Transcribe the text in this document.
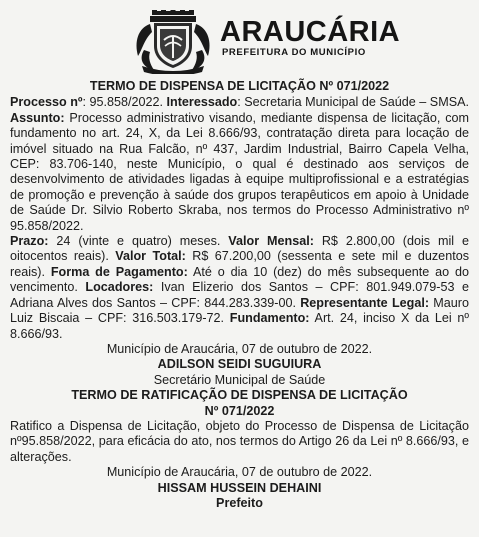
ARAUCÁRIA
PREFEITURA DO MUNICÍPIO
TERMO DE DISPENSA DE LICITAÇÃO Nº 071/2022

Processo nº: 95.858/2022. Interessado: Secretaria Municipal de Saúde – SMSA. Assunto: Processo administrativo visando, mediante dispensa de licitação, com fundamento no art. 24, X, da Lei 8.666/93, contratação direta para locação de imóvel situado na Rua Falcão, nº 437, Jardim Industrial, Bairro Capela Velha, CEP: 83.706-140, neste Município, o qual é destinado aos serviços de desenvolvimento de atividades ligadas à equipe multiprofissional e a estratégias de promoção e prevenção à saúde dos grupos terapêuticos em apoio à Unidade de Saúde Dr. Silvio Roberto Skraba, nos termos do Processo Administrativo nº 95.858/2022.

Prazo: 24 (vinte e quatro) meses. Valor Mensal: R$ 2.800,00 (dois mil e oitocentos reais). Valor Total: R$ 67.200,00 (sessenta e sete mil e duzentos reais). Forma de Pagamento: Até o dia 10 (dez) do mês subsequente ao do vencimento. Locadores: Ivan Elizerio dos Santos – CPF: 801.949.079-53 e Adriana Alves dos Santos – CPF: 844.283.339-00. Representante Legal: Mauro Luiz Biscaia – CPF: 316.503.179-72. Fundamento: Art. 24, inciso X da Lei nº 8.666/93.

Município de Araucária, 07 de outubro de 2022.
ADILSON SEIDI SUGUIURA
Secretário Municipal de Saúde
TERMO DE RATIFICAÇÃO DE DISPENSA DE LICITAÇÃO
Nº 071/2022

Ratifico a Dispensa de Licitação, objeto do Processo de Dispensa de Licitação nº95.858/2022, para eficácia do ato, nos termos do Artigo 26 da Lei nº 8.666/93, e alterações.

Município de Araucária, 07 de outubro de 2022.
HISSAM HUSSEIN DEHAINI
Prefeito
